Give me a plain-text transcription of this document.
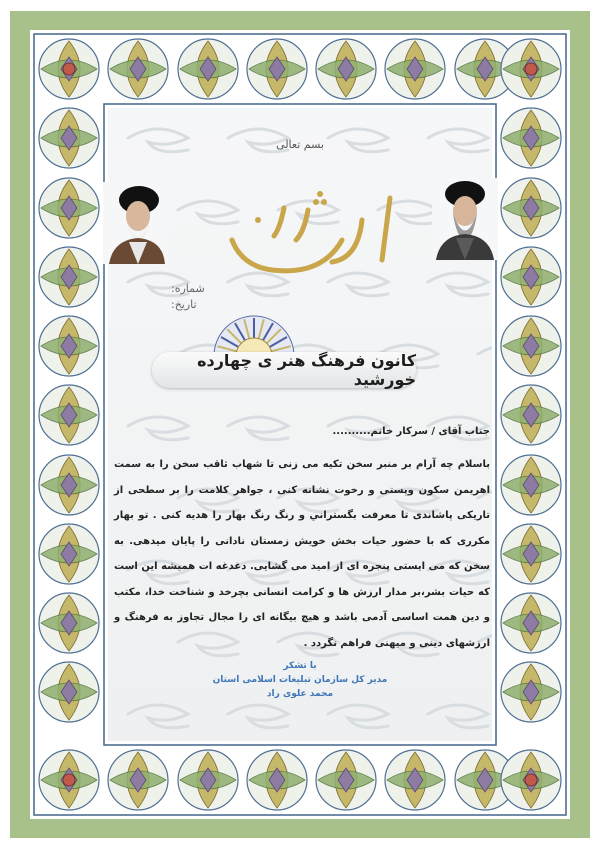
بسم تعالی
لوح سپاس
شماره:
تاریخ:
کانون فرهنگ هنر ی چهارده خورشید
جناب آقای / سرکار خانم..........

باسلام چه آرام بر منبر سخن تکیه می زنی تا شهاب ثاقب سخن را به سمت اهریمن سکون وپستی و رخوت نشانه کنی ، جواهر کلامت را بر سطحی از تاریکی پاشاندی تا معرفت بگستراني و رنگ رنگ بهار را هدیه کنی . تو بهار مکرری که با حضور حیات بخش خویش زمستان نادانی را پایان میدهی. به سخن که می ایستی پنجره ای از امید می گشایی. دغدغه ات همیشه این است که حیات بشر،بر مدار ارزش ها و کرامت انسانی بچرخد و شناخت خدا، مکتب و دین همت اساسی آدمی باشد و هیچ بیگانه ای را مجال تجاوز به فرهنگ و ارزشهای دینی و میهنی فراهم نگردد .

با تشکر
مدیر کل سازمان تبلیغات اسلامی استان
محمد علوی راد
